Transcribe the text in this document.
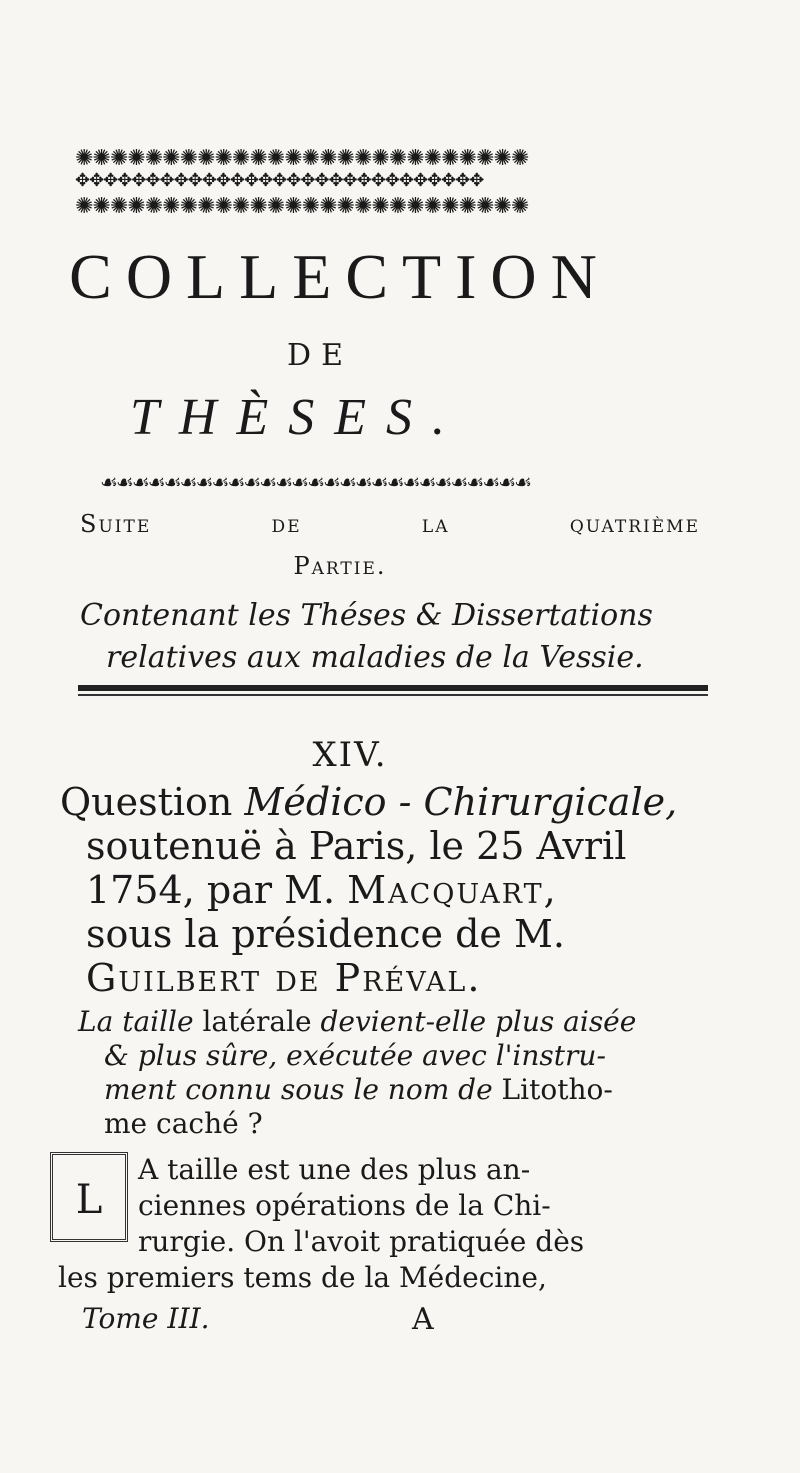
✺✺✺✺✺✺✺✺✺✺✺✺✺✺✺✺✺✺✺✺✺✺✺✺✺✺
✥✥✥✥✥✥✥✥✥✥✥✥✥✥✥✥✥✥✥✥✥✥✥✥✥✥✥✥✥
✺✺✺✺✺✺✺✺✺✺✺✺✺✺✺✺✺✺✺✺✺✺✺✺✺✺
COLLECTION
DE
THÈSES.
☙☙☙☙☙☙☙☙☙☙☙☙☙☙☙☙☙☙☙☙☙☙☙☙☙☙☙
Suite de la quatrième
Partie.
Contenant les Théses & Dissertations
relatives aux maladies de la Vessie.
XIV.
Question Médico - Chirurgicale,
soutenuë à Paris, le 25 Avril
1754, par M. Macquart,
sous la présidence de M.
Guilbert de Préval.
La taille latérale devient-elle plus aisée
& plus sûre, exécutée avec l'instru-
ment connu sous le nom de Litotho-
me caché ?
L
A taille est une des plus an-
ciennes opérations de la Chi-
rurgie. On l'avoit pratiquée dès
les premiers tems de la Médecine,
Tome III.	A
